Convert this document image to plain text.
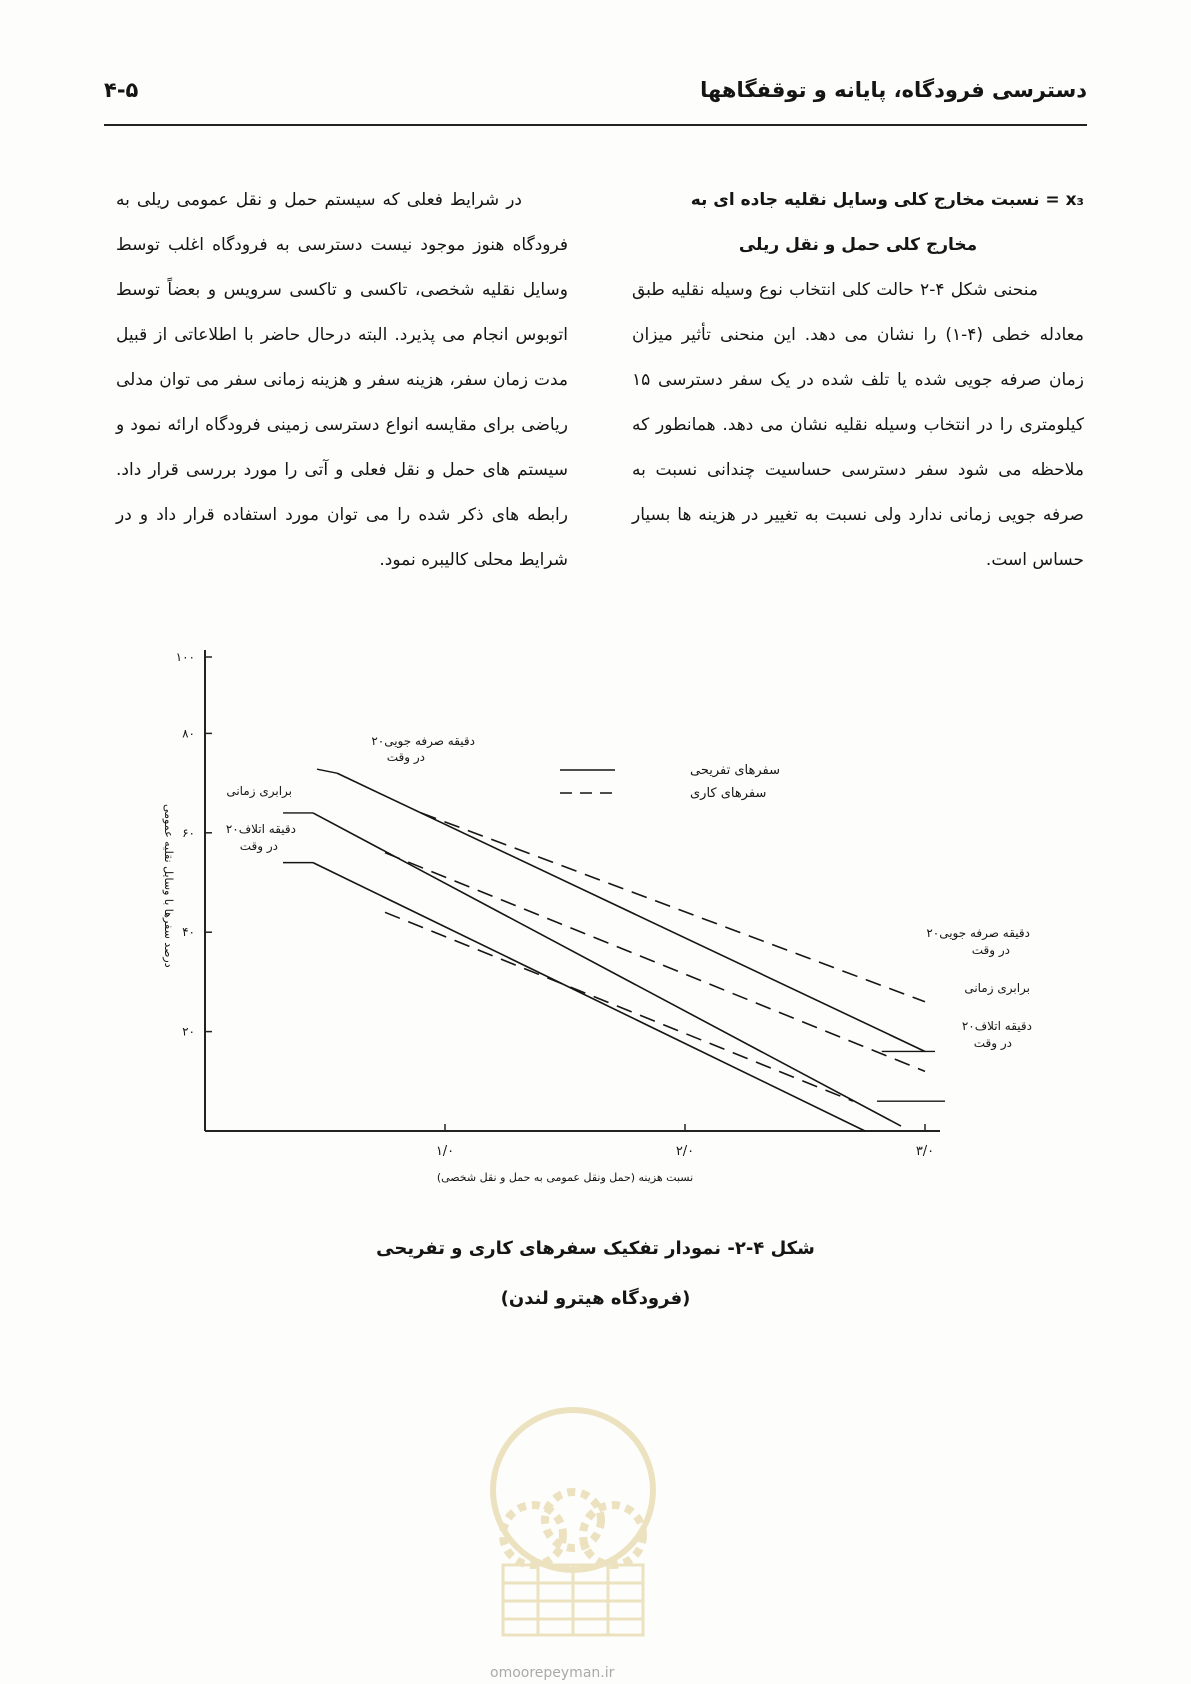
دسترسی فرودگاه، پایانه و توقفگاهها
۴-۵

x₃ = نسبت مخارج کلی وسایل نقلیه جاده ای به

مخارج کلی حمل و نقل ریلی

منحنی شکل ۴-۲ حالت کلی انتخاب نوع وسیله نقلیه طبق معادله خطی (۴-۱) را نشان می دهد. این منحنی تأثیر میزان زمان صرفه جویی شده یا تلف شده در یک سفر دسترسی ۱۵ کیلومتری را در انتخاب وسیله نقلیه نشان می دهد. همانطور که ملاحظه می شود سفر دسترسی حساسیت چندانی نسبت به صرفه جویی زمانی ندارد ولی نسبت به تغییر در هزینه ها بسیار حساس است.

در شرایط فعلی که سیستم حمل و نقل عمومی ریلی به فرودگاه هنوز موجود نیست دسترسی به فرودگاه اغلب توسط وسایل نقلیه شخصی، تاکسی و تاکسی سرویس و بعضاً توسط اتوبوس انجام می پذیرد. البته درحال حاضر با اطلاعاتی از قبیل مدت زمان سفر، هزینه سفر و هزینه زمانی سفر می توان مدلی ریاضی برای مقایسه انواع دسترسی زمینی فرودگاه ارائه نمود و سیستم های حمل و نقل فعلی و آتی را مورد بررسی قرار داد. رابطه های ذکر شده را می توان مورد استفاده قرار داد و در شرایط محلی کالیبره نمود.

۲۰
۴۰
۶۰
۸۰
۱۰۰
۱/۰	۲/۰	۳/۰
نسبت هزینه (حمل ونقل عمومی به حمل و نقل شخصی)
درصد سفرها با وسایل نقلیه عمومی
سفرهای تفریحی
سفرهای کاری
۲۰دقیقه صرفه جویی
در وقت
برابری زمانی
۲۰دقیقه اتلاف
در وقت
۲۰دقیقه صرفه جویی
در وقت
برابری زمانی
۲۰دقیقه اتلاف
در وقت
شکل ۴-۲- نمودار تفکیک سفرهای کاری و تفریحی
(فرودگاه هیترو لندن)
omoorepeyman.ir
